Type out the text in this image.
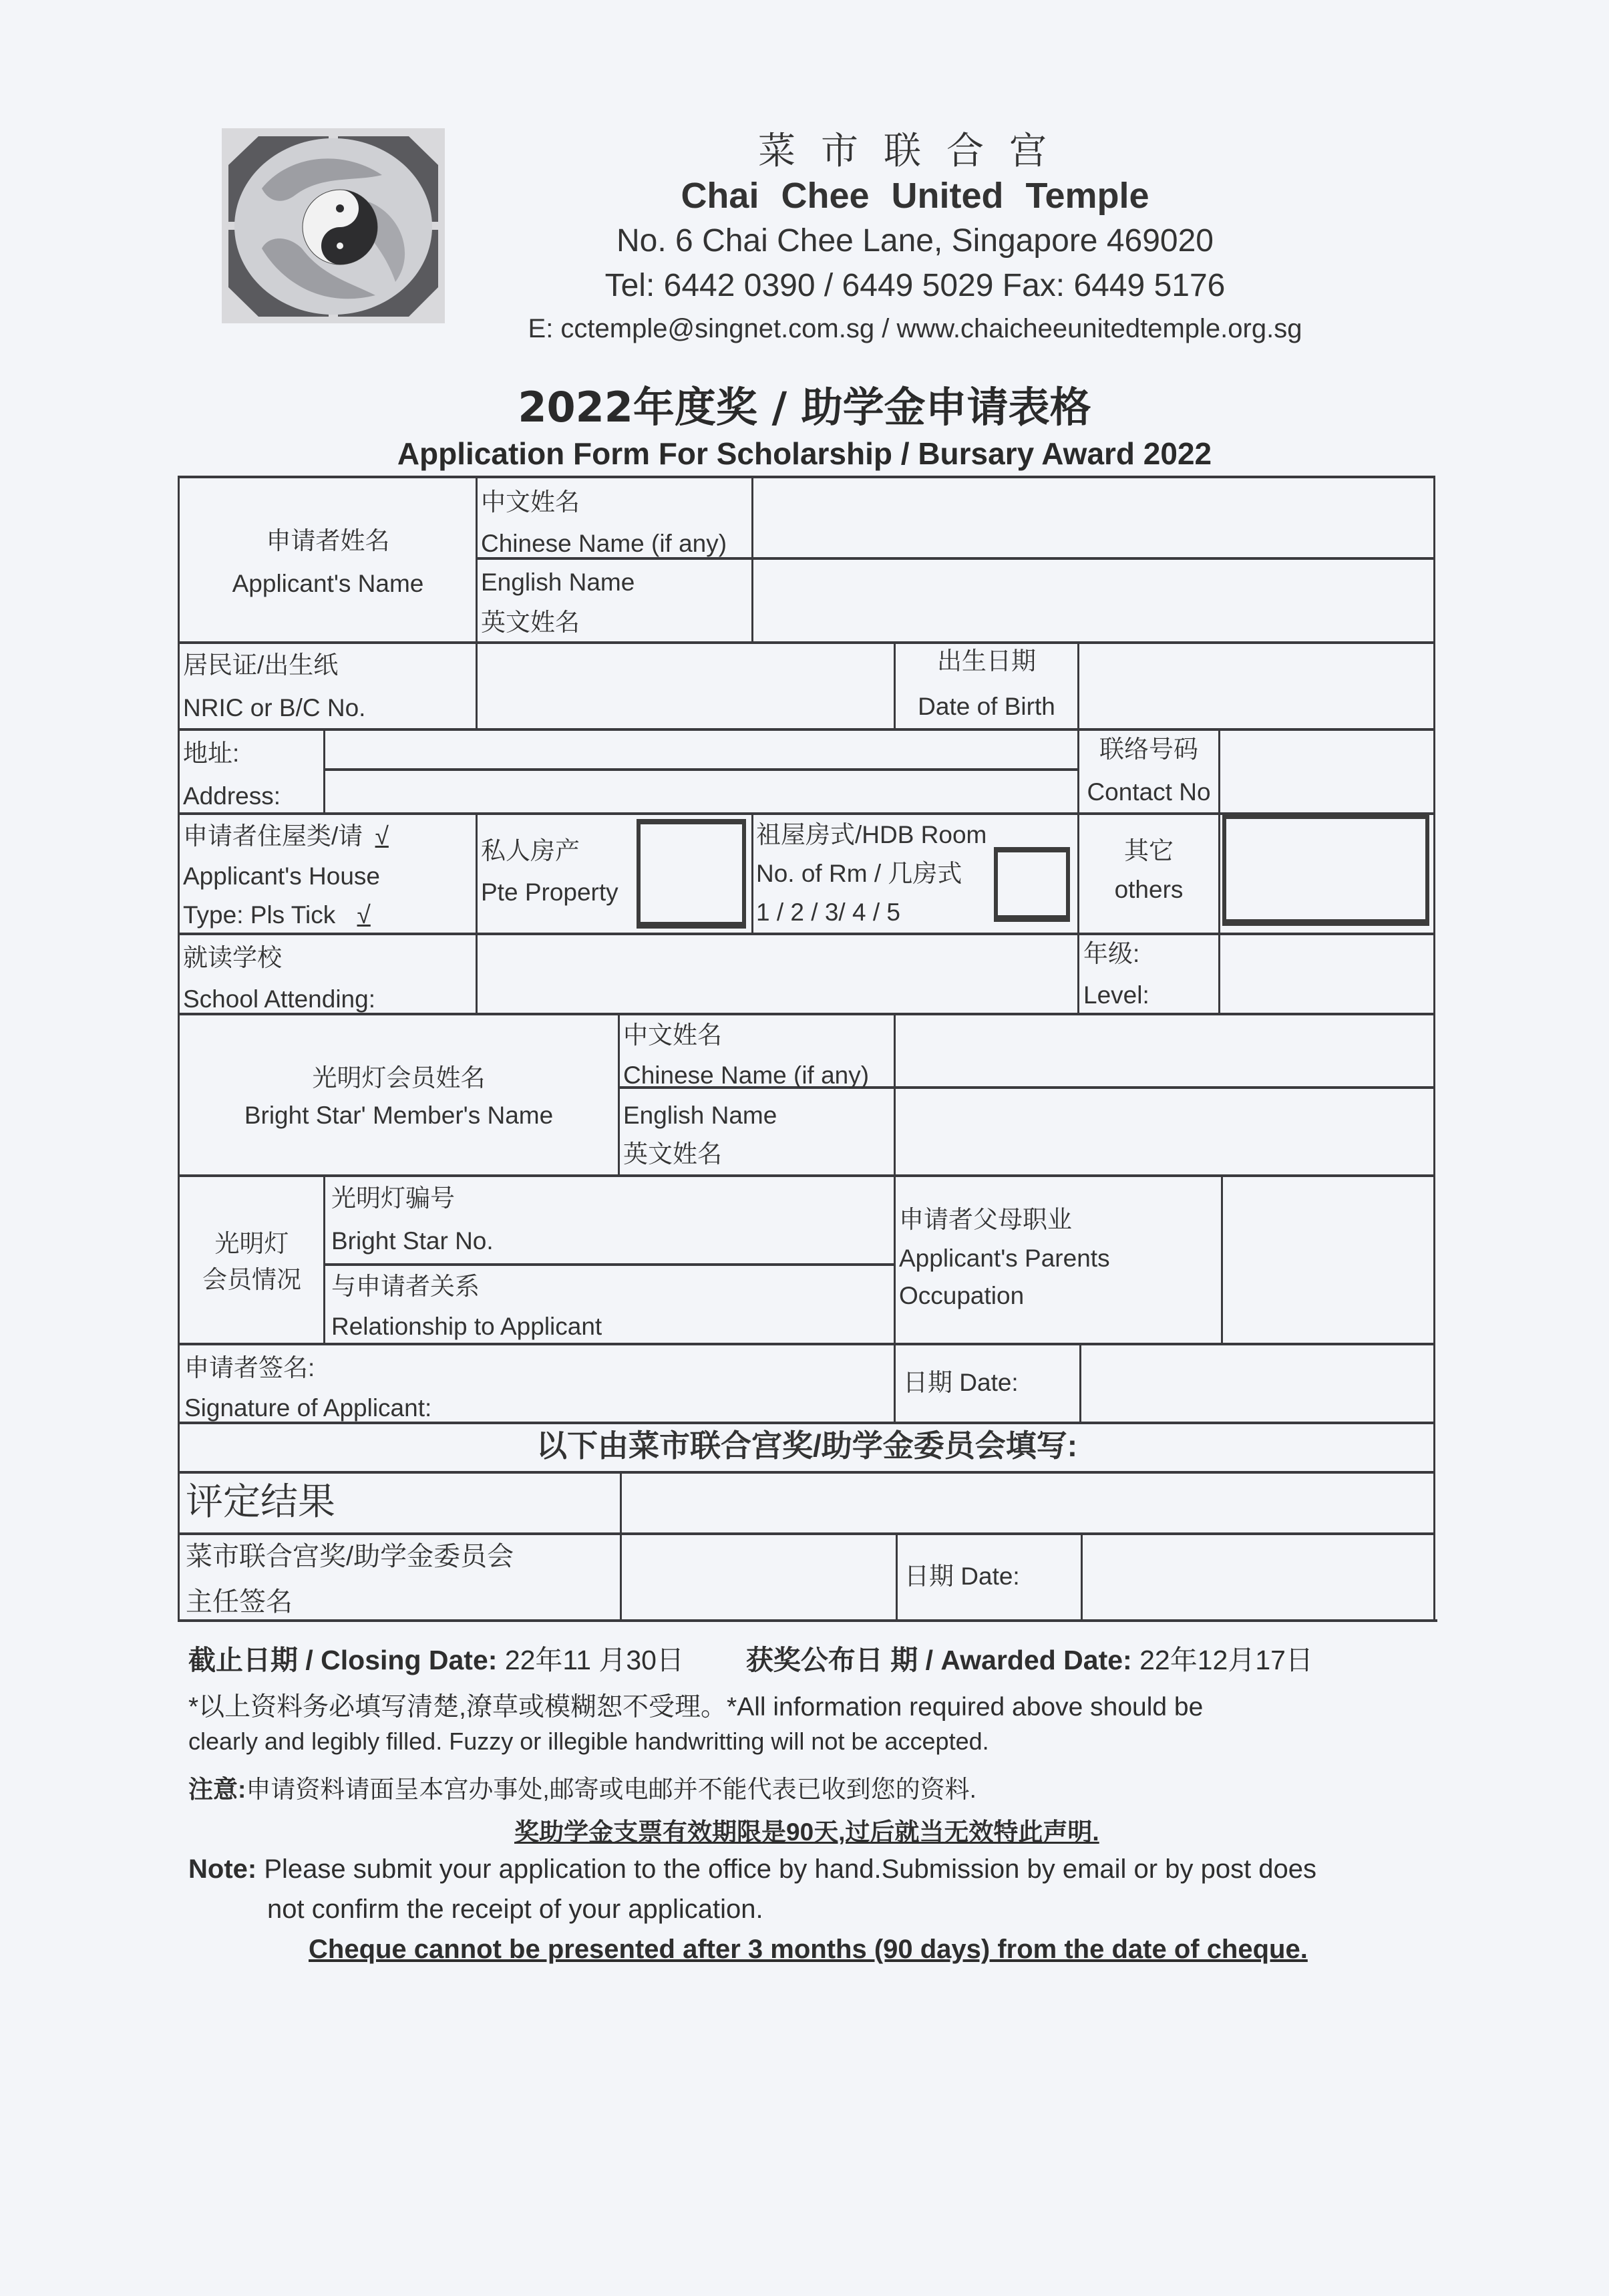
菜市联合宫
Chai Chee United Temple
No. 6 Chai Chee Lane, Singapore 469020
Tel: 6442 0390 / 6449 5029 Fax: 6449 5176
E: cctemple@singnet.com.sg / www.chaicheeunitedtemple.org.sg
2022年度奖 / 助学金申请表格
Application Form For Scholarship / Bursary Award 2022
申请者姓名
Applicant's Name
中文姓名
Chinese Name (if any)
English Name
英文姓名
居民证/出生纸
NRIC or B/C No.
出生日期
Date of Birth
地址:
Address:
联络号码
Contact No
申请者住屋类/请 √
Applicant's House
Type: Pls Tick √
私人房产
Pte Property
祖屋房式/HDB Room
No. of Rm / 几房式
1 / 2 / 3/ 4 / 5
其它
others
就读学校
School Attending:
年级:
Level:
光明灯会员姓名
Bright Star' Member's Name
中文姓名
Chinese Name (if any)
English Name
英文姓名
光明灯
会员情况
光明灯骗号
Bright Star No.
与申请者关系
Relationship to Applicant
申请者父母职业
Applicant's Parents
Occupation
申请者签名:
Signature of Applicant:
日期 Date:
以下由菜市联合宫奖/助学金委员会填写:
评定结果
菜市联合宫奖/助学金委员会
主任签名
日期 Date:
截止日期 / Closing Date: 22年11 月30日 获奖公布日 期 / Awarded Date: 22年12月17日
*以上资料务必填写清楚,潦草或模糊恕不受理。*All information required above should be
clearly and legibly filled. Fuzzy or illegible handwritting will not be accepted.
注意:申请资料请面呈本宫办事处,邮寄或电邮并不能代表已收到您的资料.
奖助学金支票有效期限是90天,过后就当无效特此声明.
Note: Please submit your application to the office by hand.Submission by email or by post does
not confirm the receipt of your application.
Cheque cannot be presented after 3 months (90 days) from the date of cheque.
